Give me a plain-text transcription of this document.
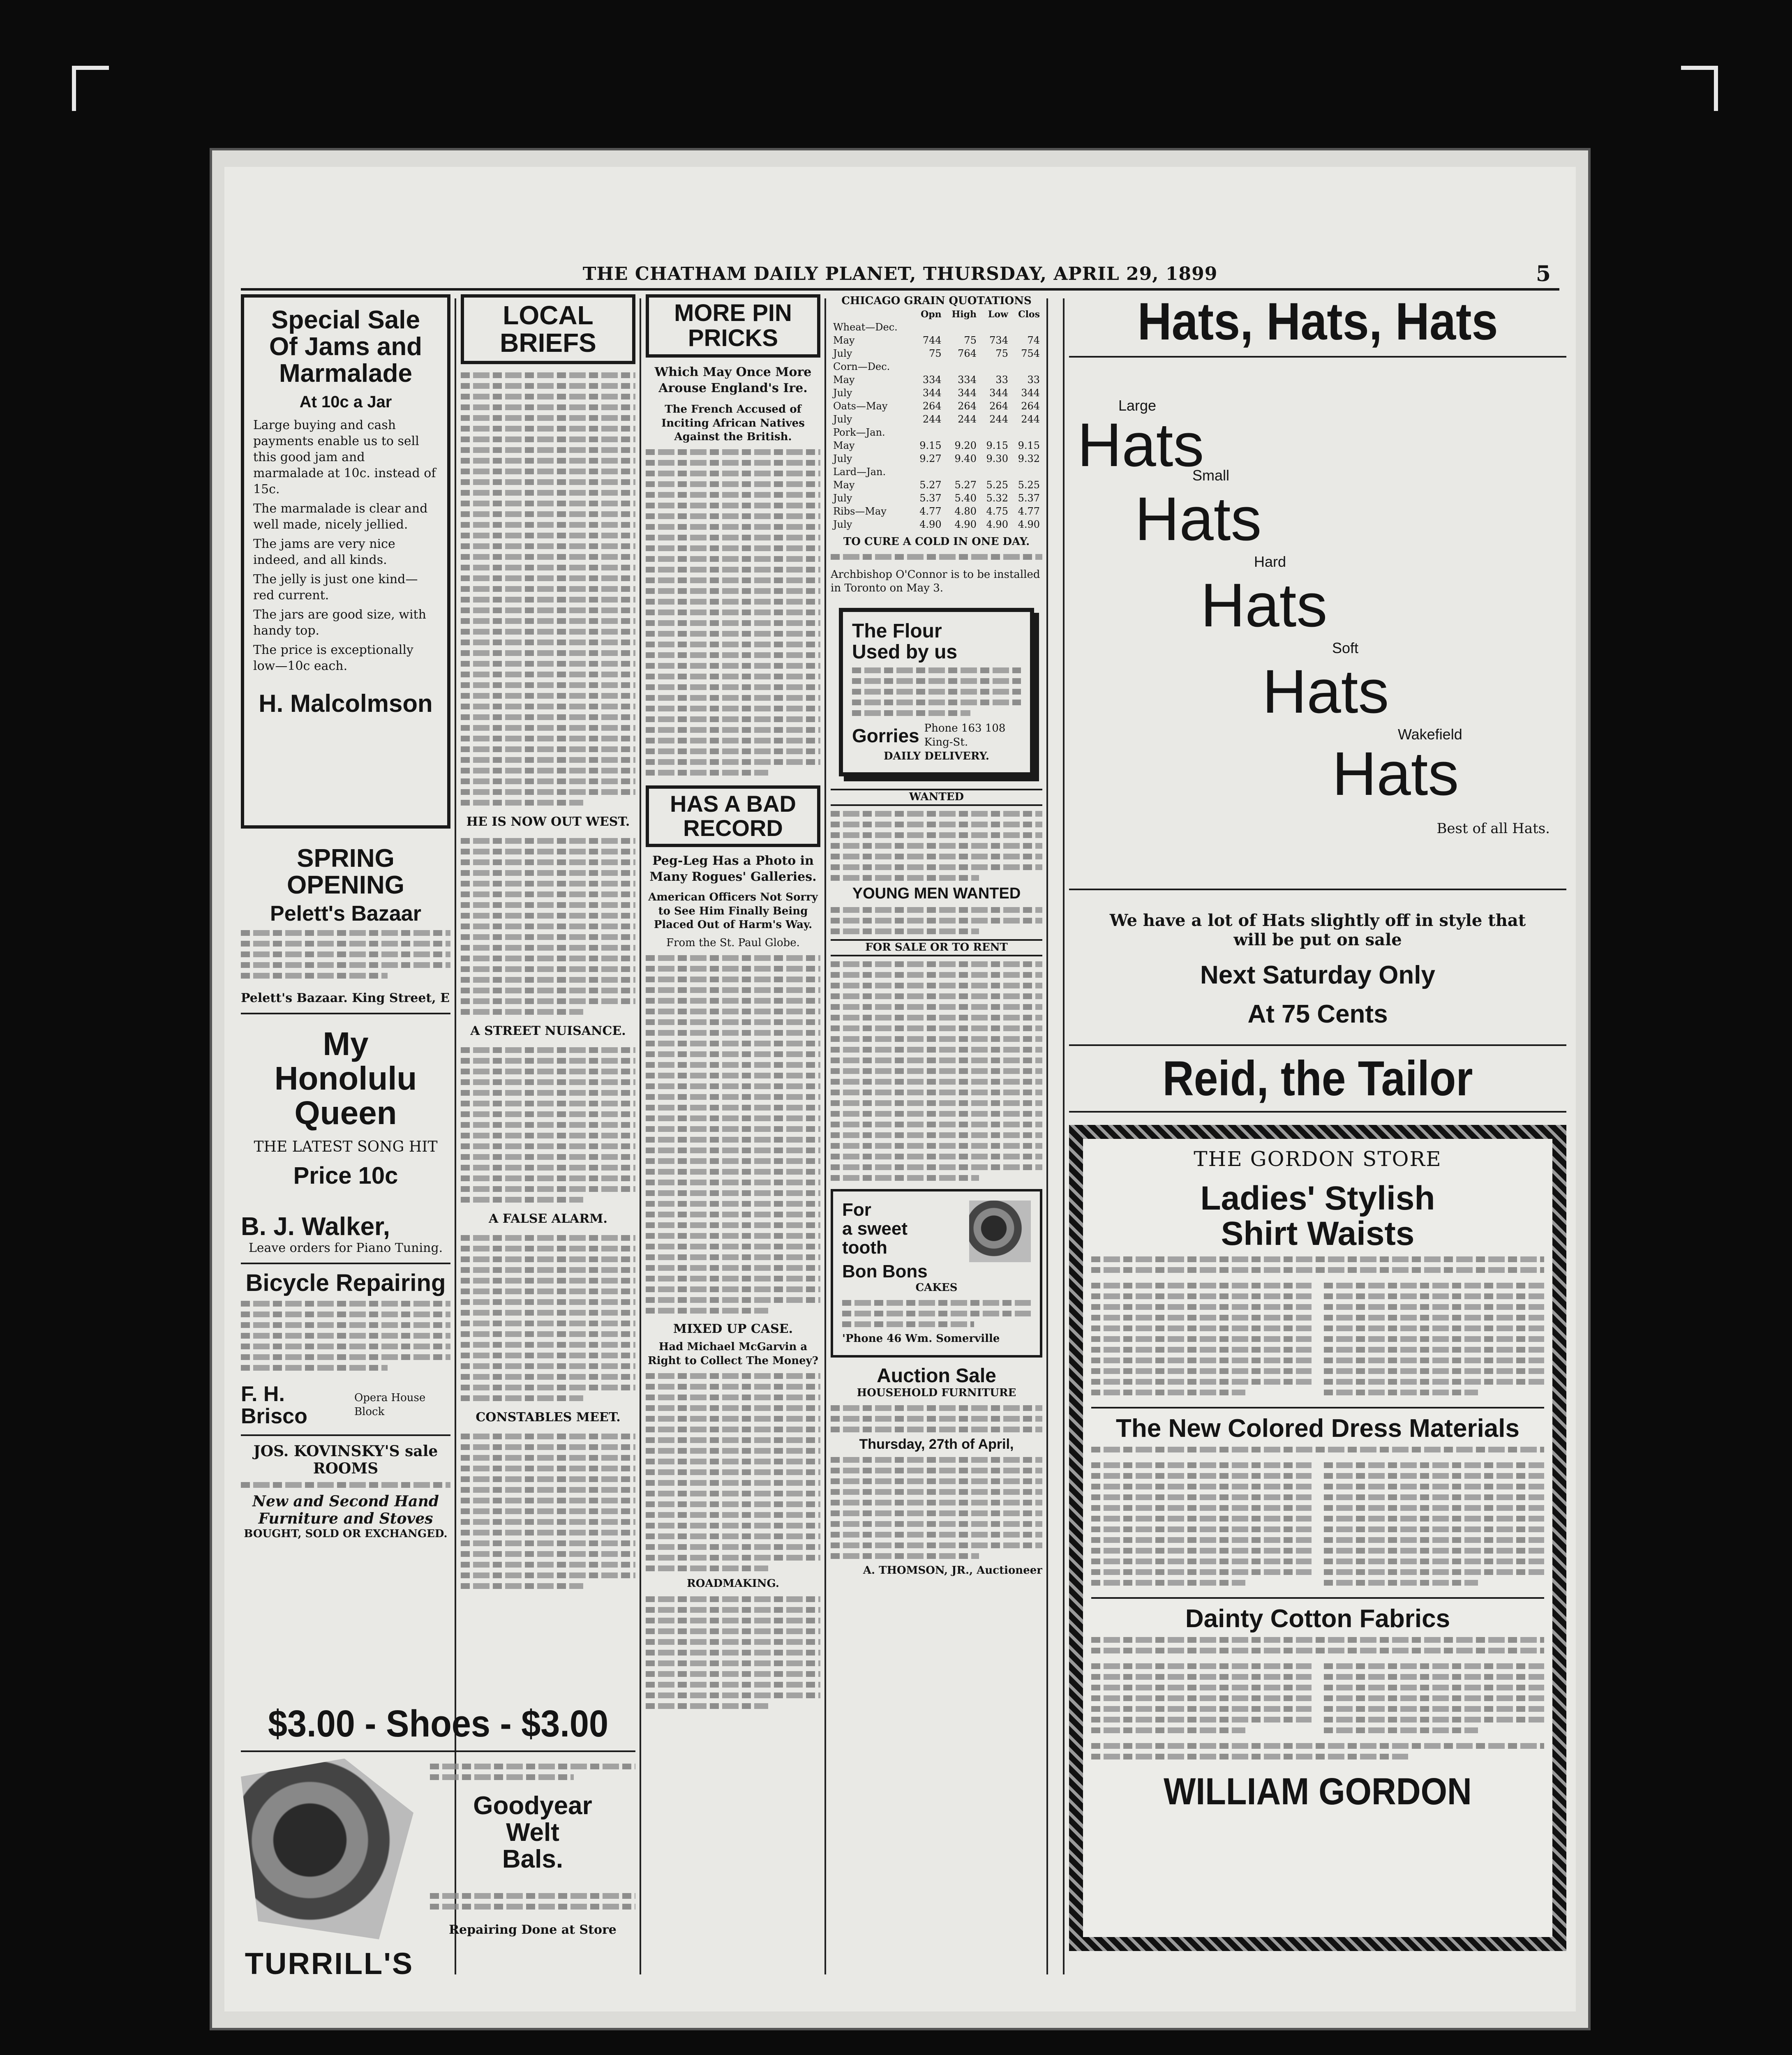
THE CHATHAM DAILY PLANET, THURSDAY, APRIL 29, 1899	5
Special Sale
Of Jams and
Marmalade
At 10c a Jar

Large buying and cash payments enable us to sell this good jam and marmalade at 10c. instead of 15c.

The marmalade is clear and well made, nicely jellied.

The jams are very nice indeed, and all kinds.

The jelly is just one kind—red current.

The jars are good size, with handy top.

The price is exceptionally low—10c each.

H. Malcolmson
SPRING OPENING
Pelett's Bazaar
Pelett's Bazaar. King Street, E
My
Honolulu
Queen
THE LATEST SONG HIT
Price 10c
B. J. Walker,
Leave orders for Piano Tuning.
Bicycle Repairing
F. H. Brisco
Opera House Block
JOS. KOVINSKY'S sale ROOMS
New and Second Hand Furniture and Stoves
BOUGHT, SOLD OR EXCHANGED.
LOCAL BRIEFS
HE IS NOW OUT WEST.
A STREET NUISANCE.
A FALSE ALARM.
CONSTABLES MEET.
MORE PIN PRICKS
Which May Once More Arouse England's Ire.
The French Accused of Inciting African Natives Against the British.
HAS A BAD RECORD
Peg-Leg Has a Photo in Many Rogues' Galleries.
American Officers Not Sorry to See Him Finally Being Placed Out of Harm's Way.
From the St. Paul Globe.
MIXED UP CASE.
Had Michael McGarvin a Right to Collect The Money?
ROADMAKING.
CHICAGO GRAIN QUOTATIONS
	Opn	High	Low	Clos
Wheat—Dec.				
May	744	75	734	74
July	75	764	75	754
Corn—Dec.				
May	334	334	33	33
July	344	344	344	344
Oats—May	264	264	264	264
July	244	244	244	244
Pork—Jan.				
May	9.15	9.20	9.15	9.15
July	9.27	9.40	9.30	9.32
Lard—Jan.				
May	5.27	5.27	5.25	5.25
July	5.37	5.40	5.32	5.37
Ribs—May	4.77	4.80	4.75	4.77
July	4.90	4.90	4.90	4.90
TO CURE A COLD IN ONE DAY.
Archbishop O'Connor is to be installed in Toronto on May 3.
The Flour
Used by us
Gorries Phone 163 108 King-St.
DAILY DELIVERY.
WANTED
YOUNG MEN WANTED
FOR SALE OR TO RENT
For
a sweet
tooth
Bon Bons
CAKES
'Phone 46 Wm. Somerville
Auction Sale
HOUSEHOLD FURNITURE
Thursday, 27th of April,
A. THOMSON, JR., Auctioneer
Hats, Hats, Hats
Large
Hats
Small
Hats
Hard
Hats
Soft
Hats
Wakefield
Hats
Best of all Hats.
We have a lot of Hats slightly off in style that will be put on sale
Next Saturday Only
At 75 Cents
Reid, the Tailor
THE GORDON STORE
Ladies' Stylish
Shirt Waists
The New Colored Dress Materials
Dainty Cotton Fabrics
WILLIAM GORDON
$3.00 - Shoes - $3.00
TURRILL'S
Goodyear
Welt
Bals.
Repairing Done at Store
